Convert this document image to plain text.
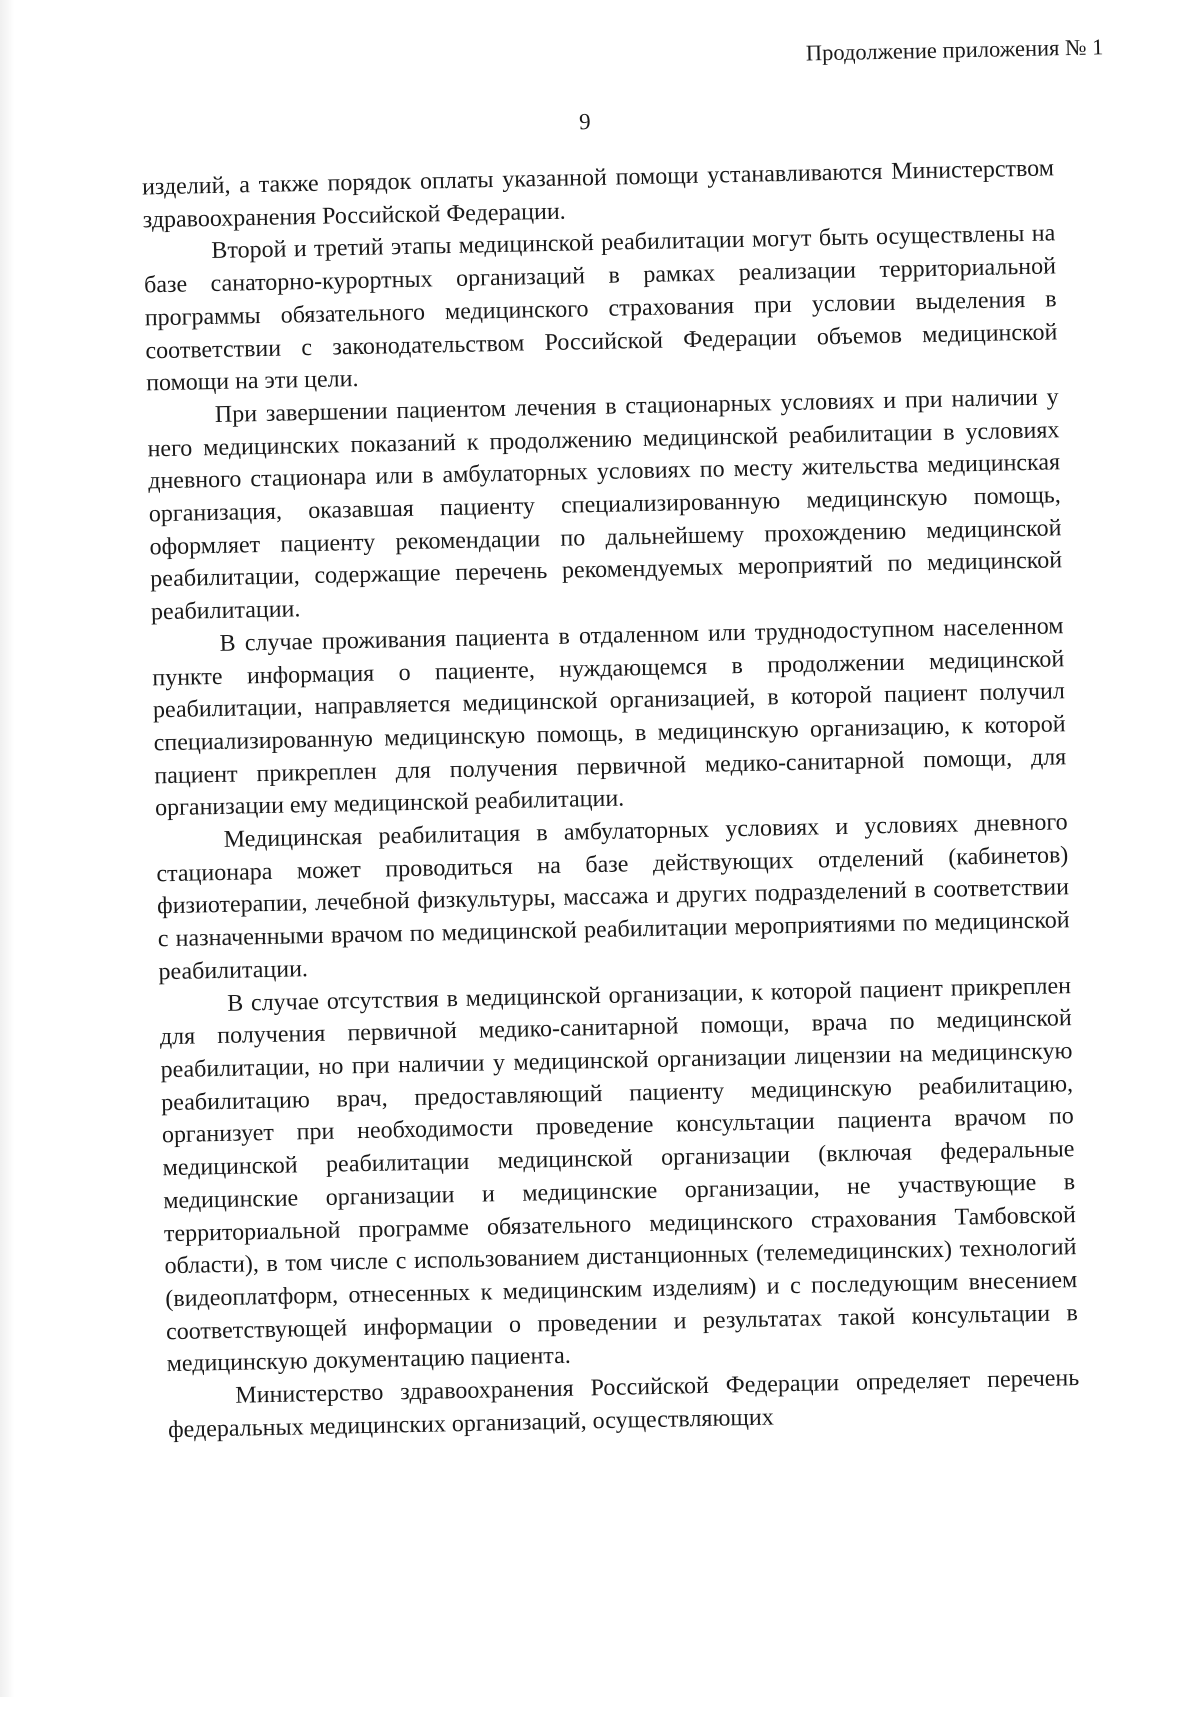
Продолжение приложения № 1
9

изделий, а также порядок оплаты указанной помощи устанавливаются Министерством здравоохранения Российской Федерации.

Второй и третий этапы медицинской реабилитации могут быть осуществлены на базе санаторно-курортных организаций в рамках реализации территориальной программы обязательного медицинского страхования при условии выделения в соответствии с законодательством Российской Федерации объемов медицинской помощи на эти цели.

При завершении пациентом лечения в стационарных условиях и при наличии у него медицинских показаний к продолжению медицинской реабилитации в условиях дневного стационара или в амбулаторных условиях по месту жительства медицинская организация, оказавшая пациенту специализированную медицинскую помощь, оформляет пациенту рекомендации по дальнейшему прохождению медицинской реабилитации, содержащие перечень рекомендуемых мероприятий по медицинской реабилитации.

В случае проживания пациента в отдаленном или труднодоступном населенном пункте информация о пациенте, нуждающемся в продолжении медицинской реабилитации, направляется медицинской организацией, в которой пациент получил специализированную медицинскую помощь, в медицинскую организацию, к которой пациент прикреплен для получения первичной медико-санитарной помощи, для организации ему медицинской реабилитации.

Медицинская реабилитация в амбулаторных условиях и условиях дневного стационара может проводиться на базе действующих отделений (кабинетов) физиотерапии, лечебной физкультуры, массажа и других подразделений в соответствии с назначенными врачом по медицинской реабилитации мероприятиями по медицинской реабилитации.

В случае отсутствия в медицинской организации, к которой пациент прикреплен для получения первичной медико-санитарной помощи, врача по медицинской реабилитации, но при наличии у медицинской организации лицензии на медицинскую реабилитацию врач, предоставляющий пациенту медицинскую реабилитацию, организует при необходимости проведение консультации пациента врачом по медицинской реабилитации медицинской организации (включая федеральные медицинские организации и медицинские организации, не участвующие в территориальной программе обязательного медицинского страхования Тамбовской области), в том числе с использованием дистанционных (телемедицинских) технологий (видеоплатформ, отнесенных к медицинским изделиям) и с последующим внесением соответствующей информации о проведении и результатах такой консультации в медицинскую документацию пациента.

Министерство здравоохранения Российской Федерации определяет перечень федеральных медицинских организаций, осуществляющих
